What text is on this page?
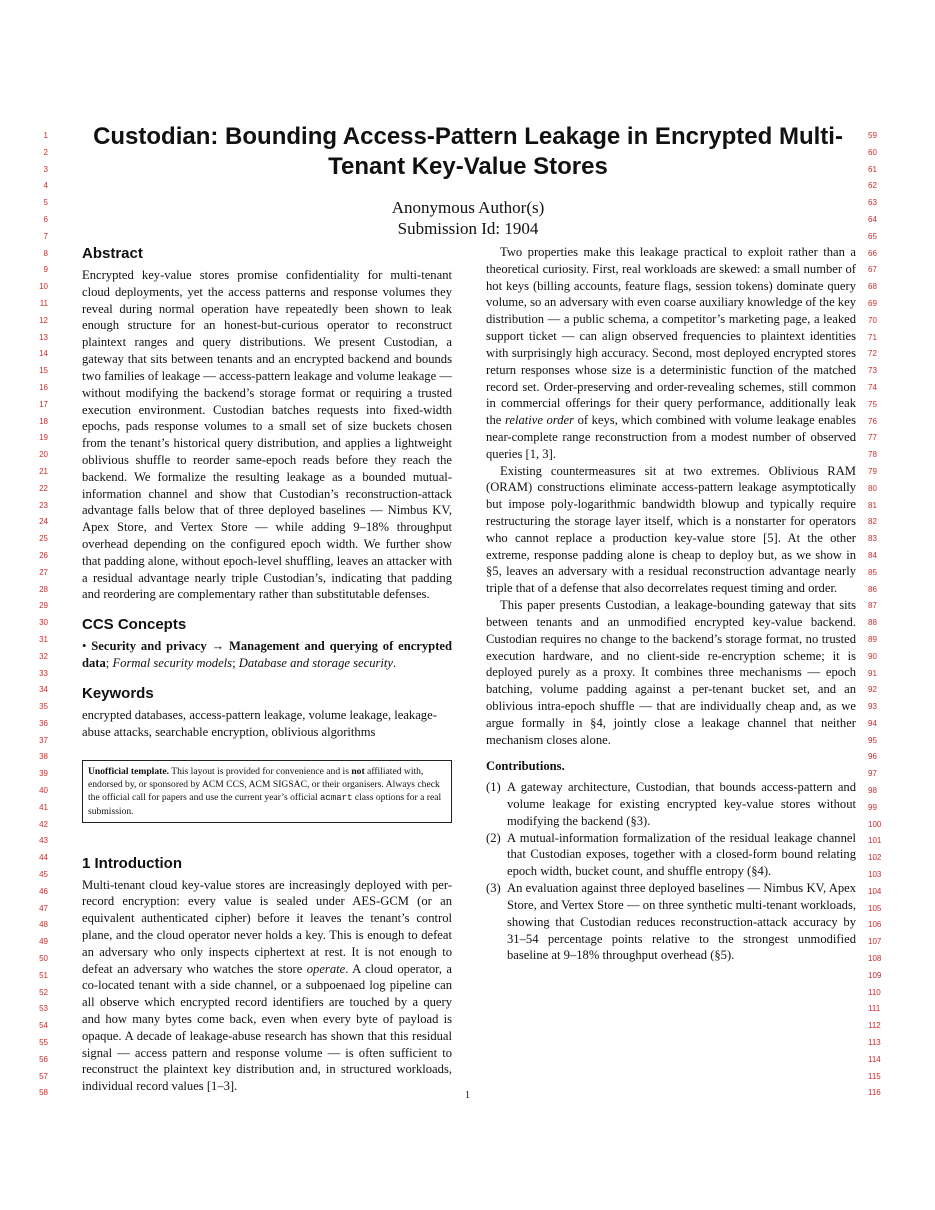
1
2
3
4
5
6
7
8
9
10
11
12
13
14
15
16
17
18
19
20
21
22
23
24
25
26
27
28
29
30
31
32
33
34
35
36
37
38
39
40
41
42
43
44
45
46
47
48
49
50
51
52
53
54
55
56
57
58
59
60
61
62
63
64
65
66
67
68
69
70
71
72
73
74
75
76
77
78
79
80
81
82
83
84
85
86
87
88
89
90
91
92
93
94
95
96
97
98
99
100
101
102
103
104
105
106
107
108
109
110
111
112
113
114
115
116
Custodian: Bounding Access-Pattern Leakage in Encrypted Multi-Tenant Key-Value Stores
Anonymous Author(s)
Submission Id: 1904
Abstract

Encrypted key-value stores promise confidentiality for multi-tenant cloud deployments, yet the access patterns and response volumes they reveal during normal operation have repeatedly been shown to leak enough structure for an honest-but-curious operator to reconstruct plaintext ranges and query distributions. We present Custodian, a gateway that sits between tenants and an encrypted backend and bounds two families of leakage — access-pattern leakage and volume leakage — without modifying the backend’s storage format or requiring a trusted execution environment. Custodian batches requests into fixed-width epochs, pads response volumes to a small set of size buckets chosen from the tenant’s historical query distribution, and applies a lightweight oblivious shuffle to reorder same-epoch reads before they reach the backend. We formalize the resulting leakage as a bounded mutual-information channel and show that Custodian’s reconstruction-attack advantage falls below that of three deployed baselines — Nimbus KV, Apex Store, and Vertex Store — while adding 9–18% throughput overhead depending on the configured epoch width. We further show that padding alone, without epoch-level shuffling, leaves an attacker with a residual advantage nearly triple Custodian’s, indicating that padding and reordering are complementary rather than substitutable defenses.

CCS Concepts

• Security and privacy → Management and querying of encrypted data; Formal security models; Database and storage security.

Keywords

encrypted databases, access-pattern leakage, volume leakage, leakage-abuse attacks, searchable encryption, oblivious algorithms

Unofficial template. This layout is provided for convenience and is not affiliated with, endorsed by, or sponsored by ACM CCS, ACM SIGSAC, or their organisers. Always check the official call for papers and use the current year’s official acmart class options for a real submission.
1 Introduction

Multi-tenant cloud key-value stores are increasingly deployed with per-record encryption: every value is sealed under AES-GCM (or an equivalent authenticated cipher) before it leaves the tenant’s control plane, and the cloud operator never holds a key. This is enough to defeat an adversary who only inspects ciphertext at rest. It is not enough to defeat an adversary who watches the store operate. A cloud operator, a co-located tenant with a side channel, or a subpoenaed log pipeline can all observe which encrypted record identifiers are touched by a query and how many bytes come back, even when every byte of payload is opaque. A decade of leakage-abuse research has shown that this residual signal — access pattern and response volume — is often sufficient to reconstruct the plaintext key distribution and, in structured workloads, individual record values [1–3].

Two properties make this leakage practical to exploit rather than a theoretical curiosity. First, real workloads are skewed: a small number of hot keys (billing accounts, feature flags, session tokens) dominate query volume, so an adversary with even coarse auxiliary knowledge of the key distribution — a public schema, a competitor’s marketing page, a leaked support ticket — can align observed frequencies to plaintext identities with surprisingly high accuracy. Second, most deployed encrypted stores return responses whose size is a deterministic function of the matched record set. Order-preserving and order-revealing schemes, still common in commercial offerings for their query performance, additionally leak the relative order of keys, which combined with volume leakage enables near-complete range reconstruction from a modest number of observed queries [1, 3].

Existing countermeasures sit at two extremes. Oblivious RAM (ORAM) constructions eliminate access-pattern leakage asymptotically but impose poly-logarithmic bandwidth blowup and typically require restructuring the storage layer itself, which is a nonstarter for operators who cannot replace a production key-value store [5]. At the other extreme, response padding alone is cheap to deploy but, as we show in §5, leaves an adversary with a residual reconstruction advantage nearly triple that of a defense that also decorrelates request timing and order.

This paper presents Custodian, a leakage-bounding gateway that sits between tenants and an unmodified encrypted key-value backend. Custodian requires no change to the backend’s storage format, no trusted execution hardware, and no client-side re-encryption scheme; it is deployed purely as a proxy. It combines three mechanisms — epoch batching, volume padding against a per-tenant bucket set, and an oblivious intra-epoch shuffle — that are individually cheap and, as we argue formally in §4, jointly close a leakage channel that neither mechanism closes alone.

Contributions.

(1) A gateway architecture, Custodian, that bounds access-pattern and volume leakage for existing encrypted key-value stores without modifying the backend (§3).
(2) A mutual-information formalization of the residual leakage channel that Custodian exposes, together with a closed-form bound relating epoch width, bucket count, and shuffle entropy (§4).
(3) An evaluation against three deployed baselines — Nimbus KV, Apex Store, and Vertex Store — on three synthetic multi-tenant workloads, showing that Custodian reduces reconstruction-attack accuracy by 31–54 percentage points relative to the strongest unmodified baseline at 9–18% throughput overhead (§5).
1
